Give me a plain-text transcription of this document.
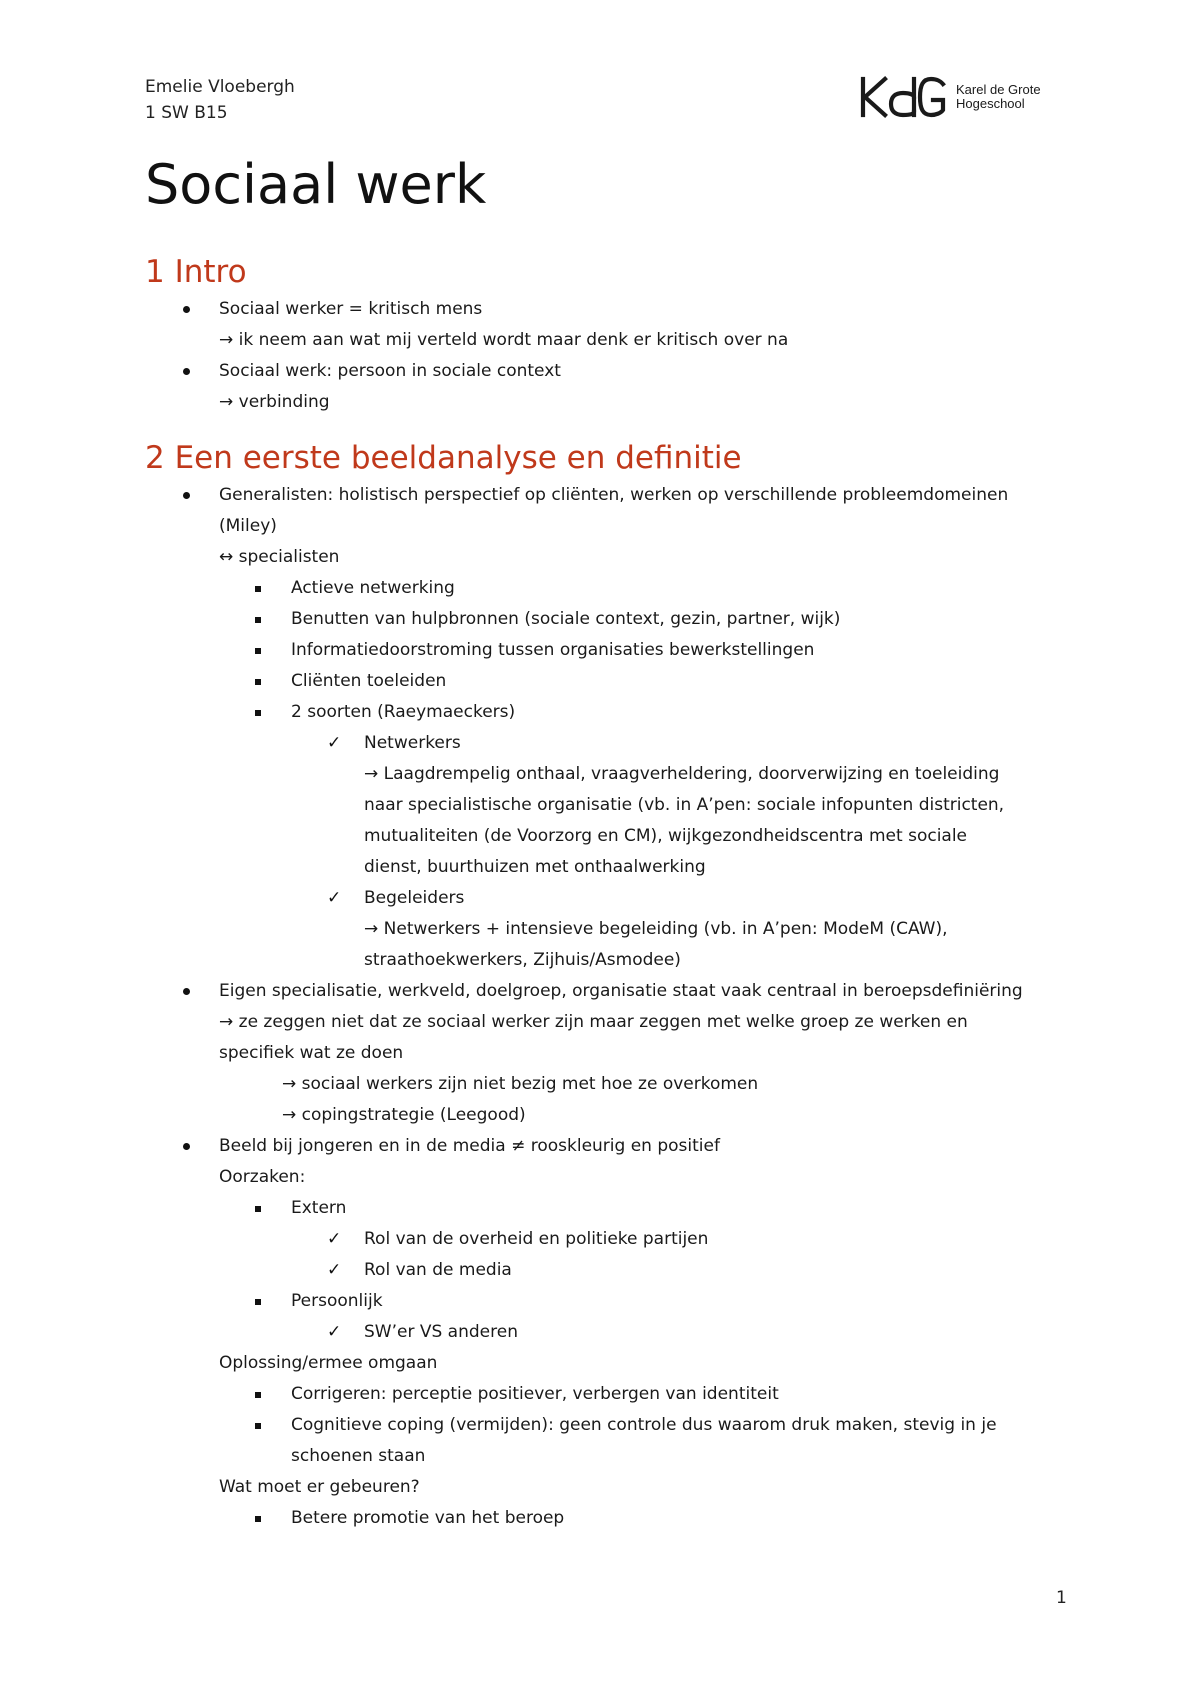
Emelie Vloebergh
1 SW B15
Karel de Grote
Hogeschool
Sociaal werk
1 Intro
Sociaal werker = kritisch mens
→ ik neem aan wat mij verteld wordt maar denk er kritisch over na
Sociaal werk: persoon in sociale context
→ verbinding
2 Een eerste beeldanalyse en definitie
Generalisten: holistisch perspectief op cliënten, werken op verschillende probleemdomeinen
(Miley)
↔ specialisten
Actieve netwerking
Benutten van hulpbronnen (sociale context, gezin, partner, wijk)
Informatiedoorstroming tussen organisaties bewerkstellingen
Cliënten toeleiden
2 soorten (Raeymaeckers)
✓ Netwerkers
→ Laagdrempelig onthaal, vraagverheldering, doorverwijzing en toeleiding
naar specialistische organisatie (vb. in A’pen: sociale infopunten districten,
mutualiteiten (de Voorzorg en CM), wijkgezondheidscentra met sociale
dienst, buurthuizen met onthaalwerking
✓ Begeleiders
→ Netwerkers + intensieve begeleiding (vb. in A’pen: ModeM (CAW),
straathoekwerkers, Zijhuis/Asmodee)
Eigen specialisatie, werkveld, doelgroep, organisatie staat vaak centraal in beroepsdefiniëring
→ ze zeggen niet dat ze sociaal werker zijn maar zeggen met welke groep ze werken en
specifiek wat ze doen
→ sociaal werkers zijn niet bezig met hoe ze overkomen
→ copingstrategie (Leegood)
Beeld bij jongeren en in de media ≠ rooskleurig en positief
Oorzaken:
Extern
✓ Rol van de overheid en politieke partijen
✓ Rol van de media
Persoonlijk
✓ SW’er VS anderen
Oplossing/ermee omgaan
Corrigeren: perceptie positiever, verbergen van identiteit
Cognitieve coping (vermijden): geen controle dus waarom druk maken, stevig in je
schoenen staan
Wat moet er gebeuren?
Betere promotie van het beroep
1
